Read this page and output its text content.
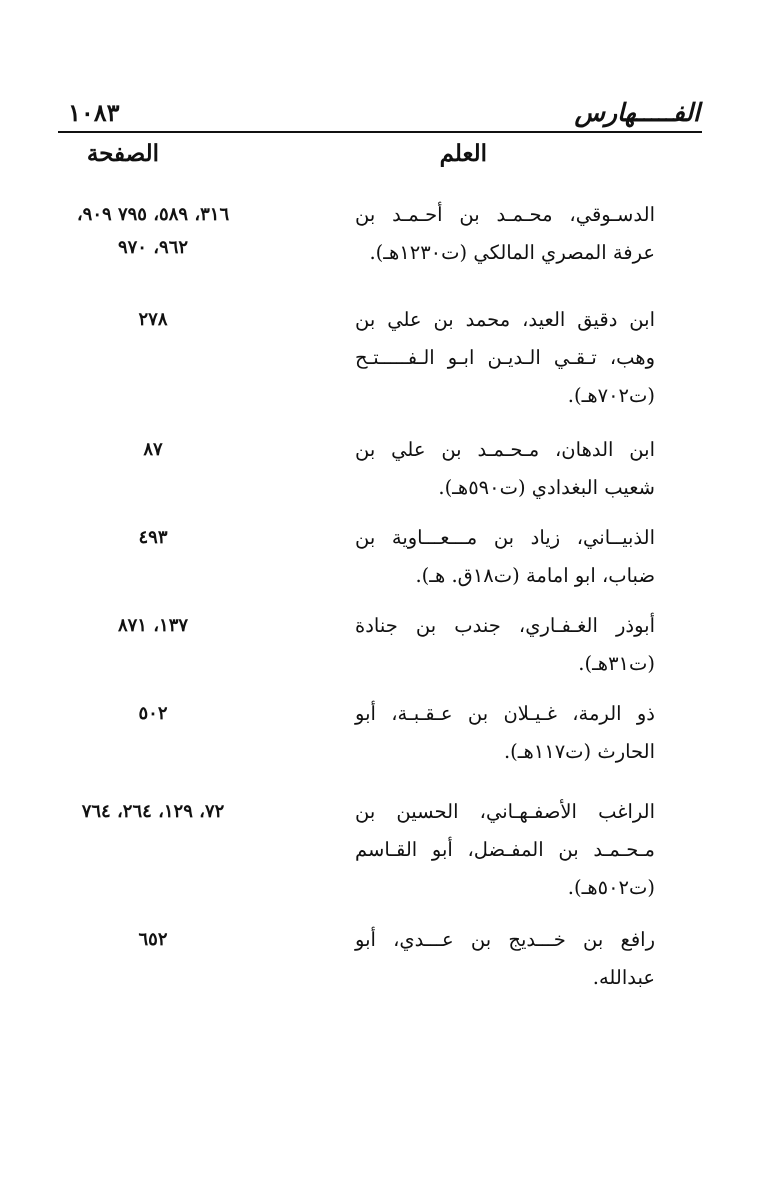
الفـــــهارس
١٠٨٣
العلم
الصفحة
الدسـوقي، محـمـد بن أحـمـد بن عرفة المصري المالكي (ت١٢٣٠هـ).
٣١٦، ٥٨٩، ٧٩٥ ٩٠٩، ٩٦٢، ٩٧٠
ابن دقيق العيد، محمد بن علي بن وهب، تـقـي الـديـن ابـو الـفـــــتـح (ت٧٠٢هـ).
٢٧٨
ابن الدهان، مـحـمـد بن علي بن شعيب البغدادي (ت٥٩٠هـ).
٨٧
الذبيــاني، زياد بن مـــعـــاوية بن ضباب، ابو امامة (ت١٨ق. هـ).
٤٩٣
أبوذر الغـفـاري، جندب بن جنادة (ت٣١هـ).
١٣٧، ٨٧١
ذو الرمة، غـيـلان بن عـقـبـة، أبو الحارث (ت١١٧هـ).
٥٠٢
الراغب الأصفـهـاني، الحسين بن مـحـمـد بن المفـضل، أبو القـاسم (ت٥٠٢هـ).
٧٢، ١٢٩، ٢٦٤، ٧٦٤
رافع بن خـــديج بن عـــدي، أبو عبدالله.
٦٥٢
